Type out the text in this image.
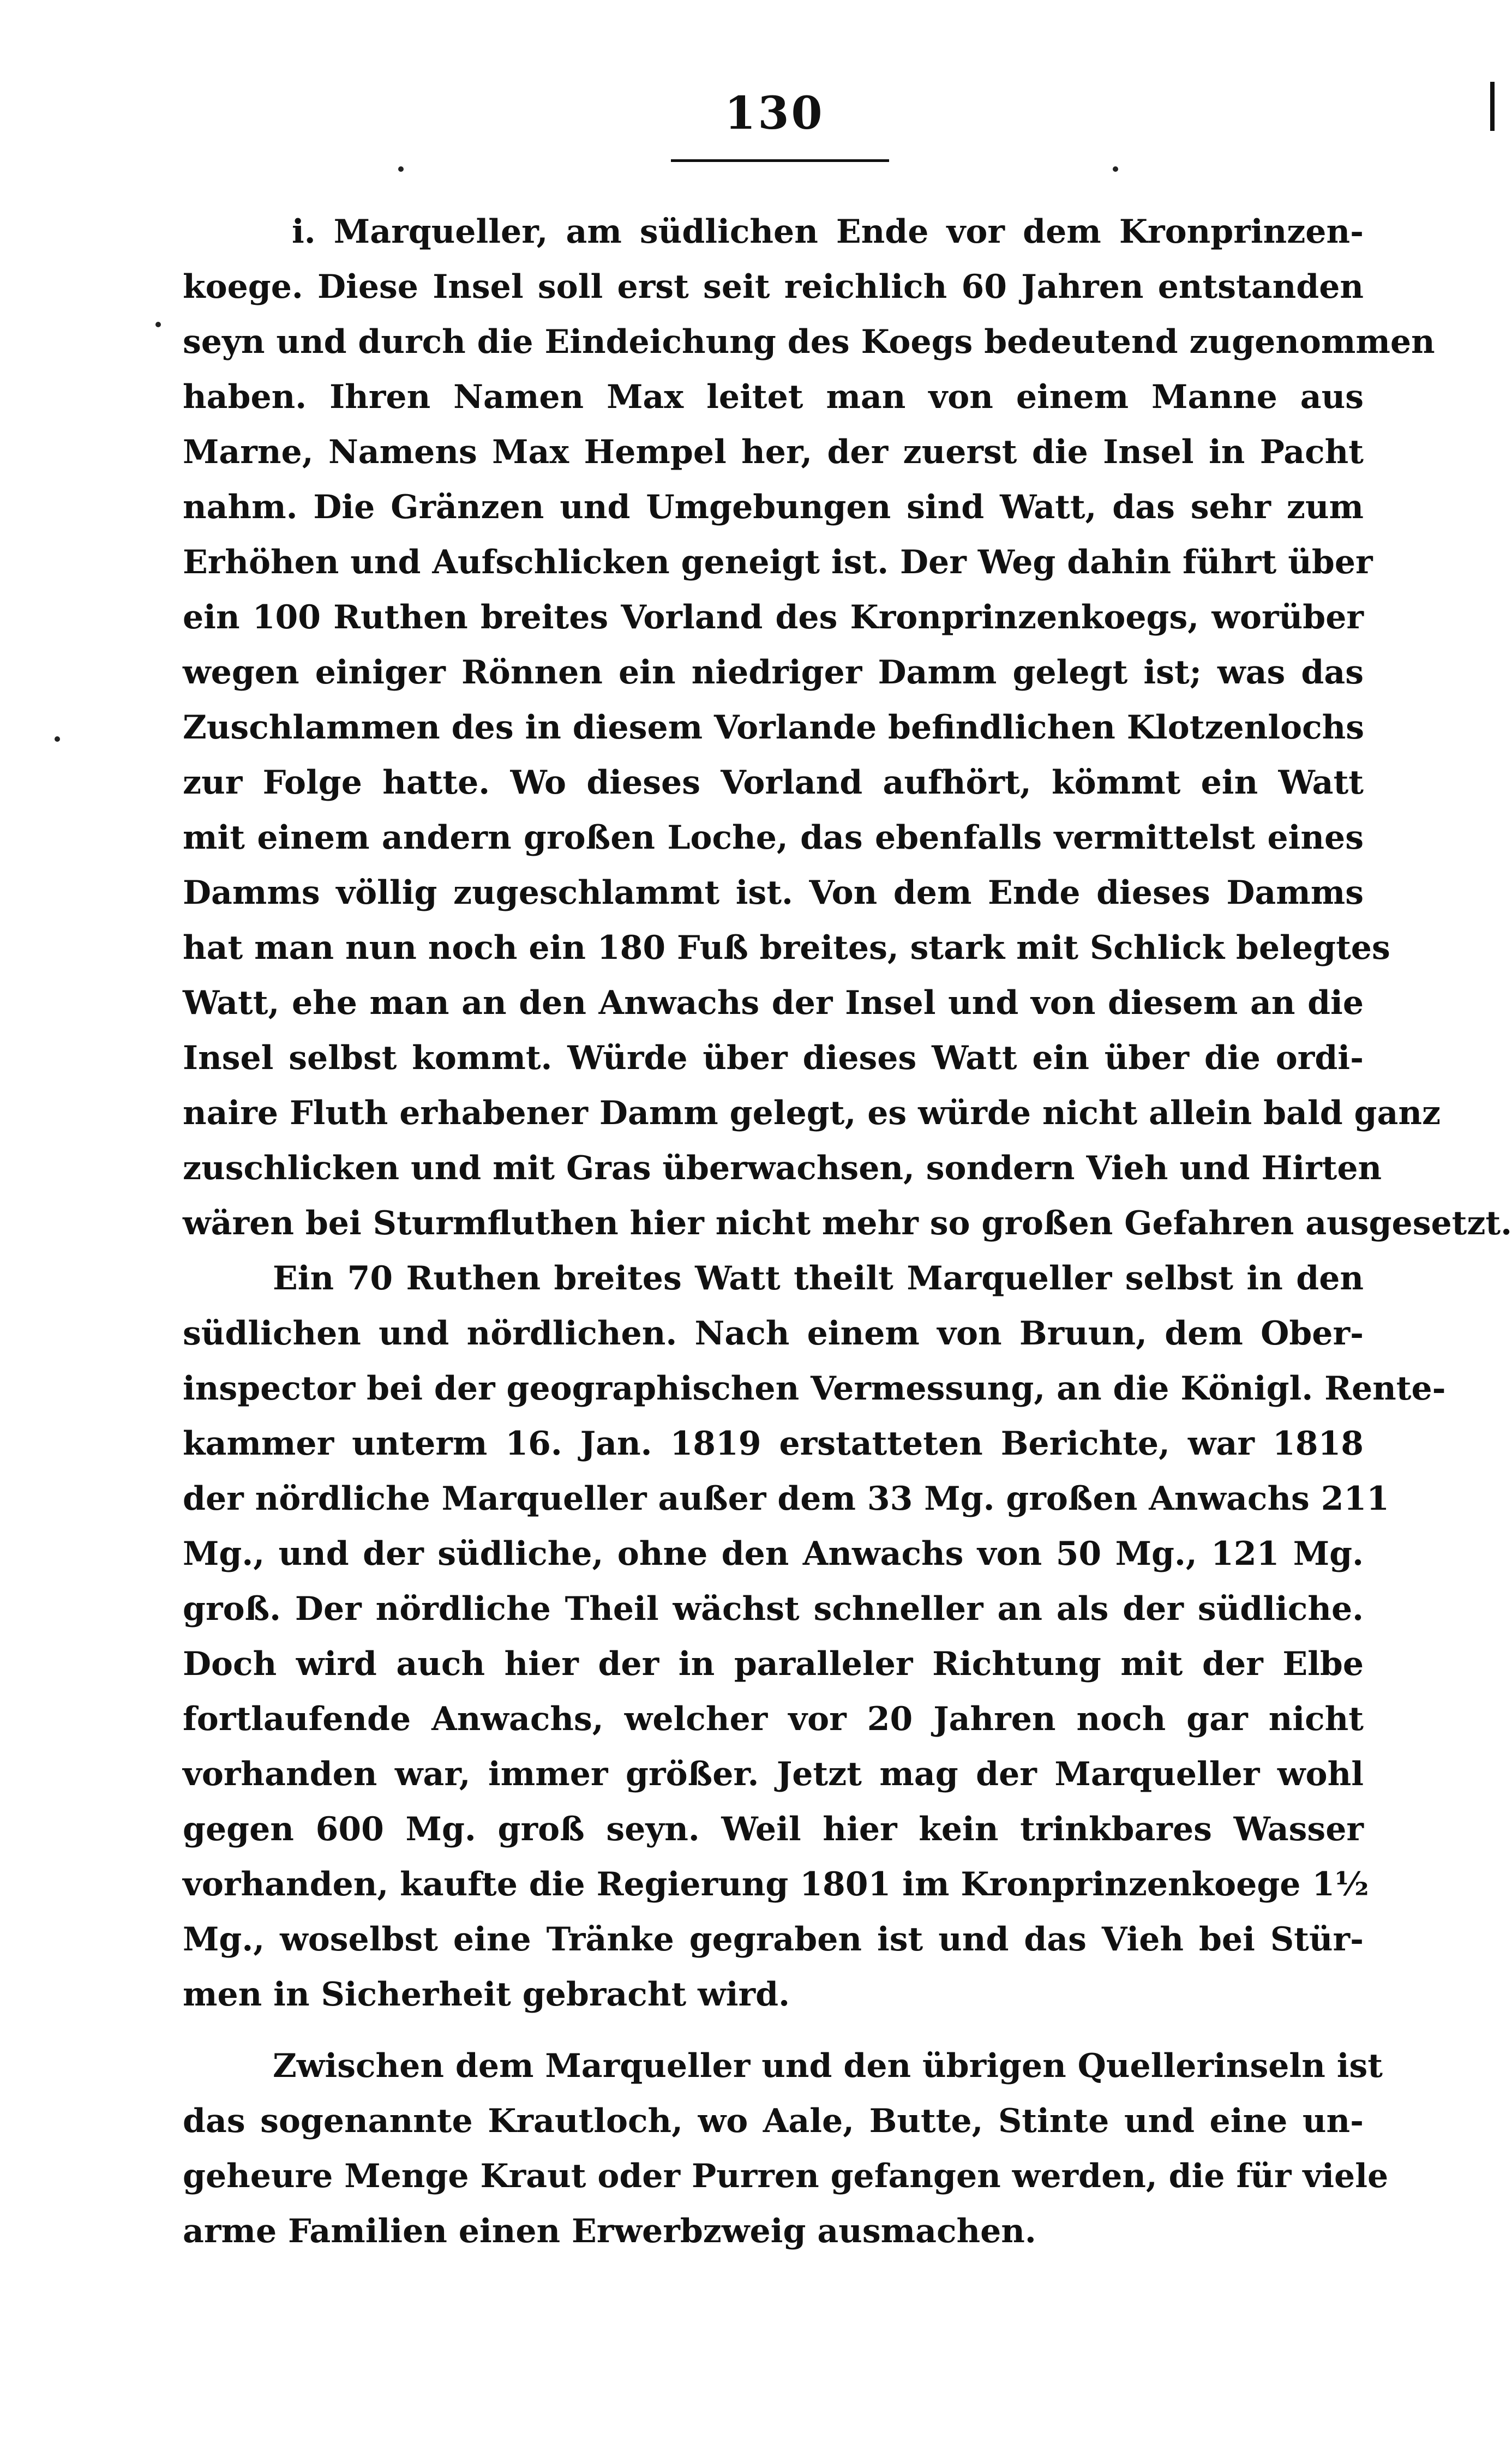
130
i. Marqueller, am südlichen Ende vor dem Kronprinzen-
koege. Diese Insel soll erst seit reichlich 60 Jahren entstanden
seyn und durch die Eindeichung des Koegs bedeutend zugenommen
haben. Ihren Namen Max leitet man von einem Manne aus
Marne, Namens Max Hempel her, der zuerst die Insel in Pacht
nahm. Die Gränzen und Umgebungen sind Watt, das sehr zum
Erhöhen und Aufschlicken geneigt ist. Der Weg dahin führt über
ein 100 Ruthen breites Vorland des Kronprinzenkoegs, worüber
wegen einiger Rönnen ein niedriger Damm gelegt ist; was das
Zuschlammen des in diesem Vorlande befindlichen Klotzenlochs
zur Folge hatte. Wo dieses Vorland aufhört, kömmt ein Watt
mit einem andern großen Loche, das ebenfalls vermittelst eines
Damms völlig zugeschlammt ist. Von dem Ende dieses Damms
hat man nun noch ein 180 Fuß breites, stark mit Schlick belegtes
Watt, ehe man an den Anwachs der Insel und von diesem an die
Insel selbst kommt. Würde über dieses Watt ein über die ordi-
naire Fluth erhabener Damm gelegt, es würde nicht allein bald ganz
zuschlicken und mit Gras überwachsen, sondern Vieh und Hirten
wären bei Sturmfluthen hier nicht mehr so großen Gefahren ausgesetzt.
Ein 70 Ruthen breites Watt theilt Marqueller selbst in den
südlichen und nördlichen. Nach einem von Bruun, dem Ober-
inspector bei der geographischen Vermessung, an die Königl. Rente-
kammer unterm 16. Jan. 1819 erstatteten Berichte, war 1818
der nördliche Marqueller außer dem 33 Mg. großen Anwachs 211
Mg., und der südliche, ohne den Anwachs von 50 Mg., 121 Mg.
groß. Der nördliche Theil wächst schneller an als der südliche.
Doch wird auch hier der in paralleler Richtung mit der Elbe
fortlaufende Anwachs, welcher vor 20 Jahren noch gar nicht
vorhanden war, immer größer. Jetzt mag der Marqueller wohl
gegen 600 Mg. groß seyn. Weil hier kein trinkbares Wasser
vorhanden, kaufte die Regierung 1801 im Kronprinzenkoege 1½
Mg., woselbst eine Tränke gegraben ist und das Vieh bei Stür-
men in Sicherheit gebracht wird.
Zwischen dem Marqueller und den übrigen Quellerinseln ist
das sogenannte Krautloch, wo Aale, Butte, Stinte und eine un-
geheure Menge Kraut oder Purren gefangen werden, die für viele
arme Familien einen Erwerbzweig ausmachen.
